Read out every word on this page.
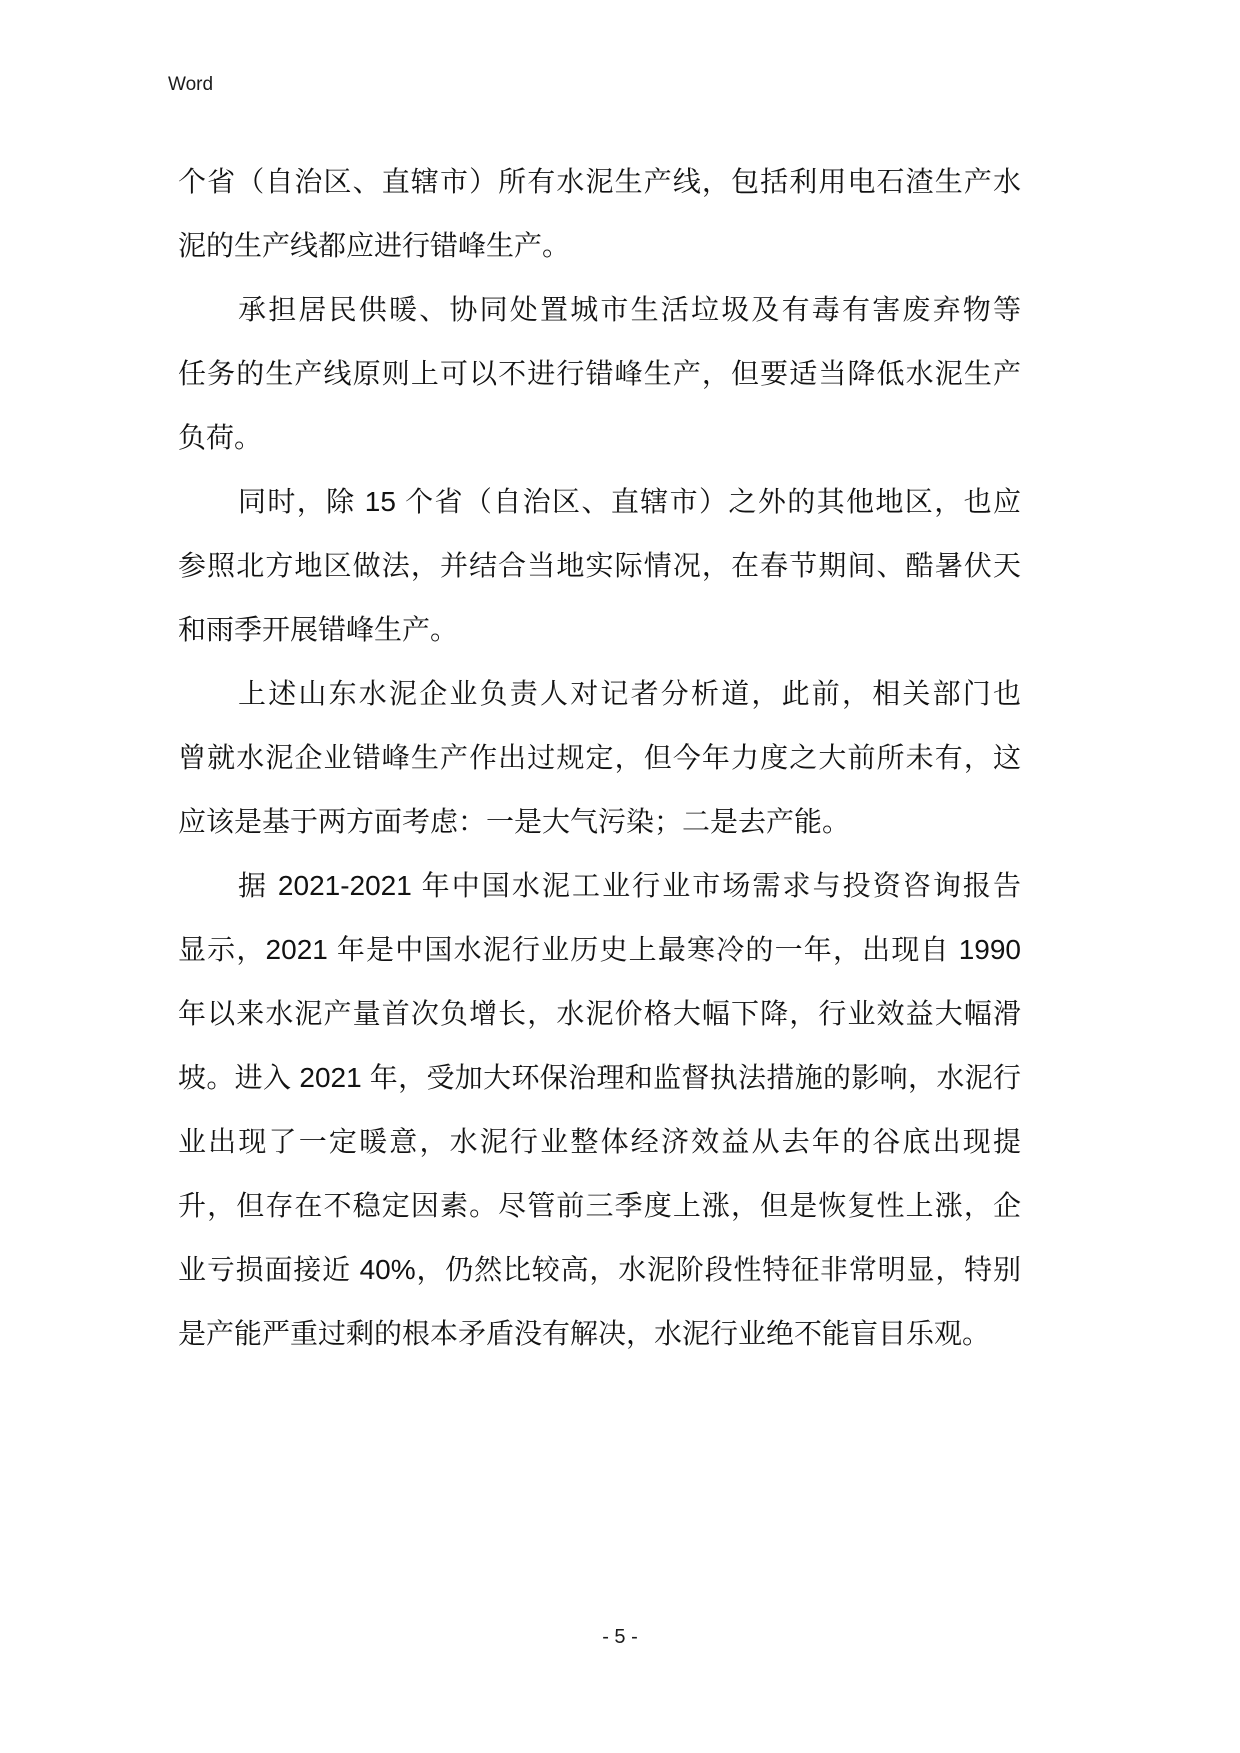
Word
个省（自治区、直辖市）所有水泥生产线，包括利用电石渣生产水
泥的生产线都应进行错峰生产。
承担居民供暖、协同处置城市生活垃圾及有毒有害废弃物等
任务的生产线原则上可以不进行错峰生产，但要适当降低水泥生产
负荷。
同时，除 15 个省（自治区、直辖市）之外的其他地区，也应
参照北方地区做法，并结合当地实际情况，在春节期间、酷暑伏天
和雨季开展错峰生产。
上述山东水泥企业负责人对记者分析道，此前，相关部门也
曾就水泥企业错峰生产作出过规定，但今年力度之大前所未有，这
应该是基于两方面考虑：一是大气污染；二是去产能。
据 2021-2021 年中国水泥工业行业市场需求与投资咨询报告
显示，2021 年是中国水泥行业历史上最寒冷的一年，出现自 1990
年以来水泥产量首次负增长，水泥价格大幅下降，行业效益大幅滑
坡。进入 2021 年，受加大环保治理和监督执法措施的影响，水泥行
业出现了一定暖意，水泥行业整体经济效益从去年的谷底出现提
升，但存在不稳定因素。尽管前三季度上涨，但是恢复性上涨，企
业亏损面接近 40%，仍然比较高，水泥阶段性特征非常明显，特别
是产能严重过剩的根本矛盾没有解决，水泥行业绝不能盲目乐观。
- 5 -
